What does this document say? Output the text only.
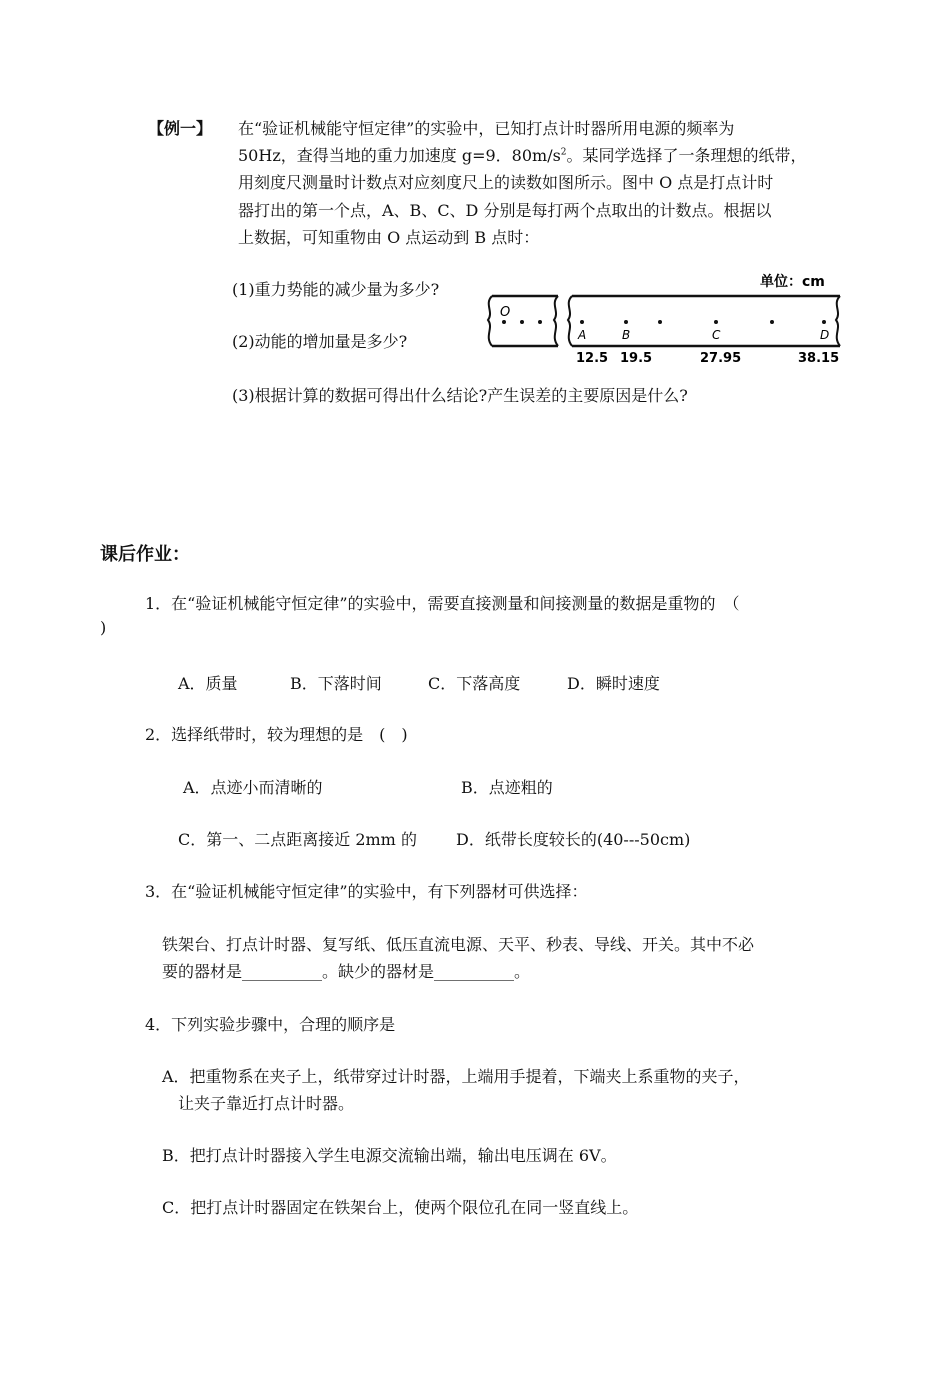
【例一】 在“验证机械能守恒定律”的实验中，已知打点计时器所用电源的频率为
50Hz，查得当地的重力加速度 g=9．$80m/s^2$。某同学选择了一条理想的纸带，
用刻度尺测量时计数点对应刻度尺上的读数如图所示。图中 O 点是打点计时
器打出的第一个点，A、B、C、D 分别是每打两个点取出的计数点。根据以
上数据，可知重物由 O 点运动到 B 点时：
(1)重力势能的减少量为多少?
(2)动能的增加量是多少?
(3)根据计算的数据可得出什么结论?产生误差的主要原因是什么?
单位：cm
O
A	B	C	D
12.5 19.5	27.95	38.15
课后作业：
1．在“验证机械能守恒定律”的实验中，需要直接测量和间接测量的数据是重物的　（
)
A．质量	B．下落时间	C．下落高度	D．瞬时速度
2．选择纸带时，较为理想的是　(　)
A．点迹小而清晰的	B．点迹粗的
C．第一、二点距离接近 2mm 的 D．纸带长度较长的(40---50cm)
3．在“验证机械能守恒定律”的实验中，有下列器材可供选择：
铁架台、打点计时器、复写纸、低压直流电源、天平、秒表、导线、开关。其中不必
要的器材是__________。缺少的器材是__________。
4．下列实验步骤中，合理的顺序是
A．把重物系在夹子上，纸带穿过计时器，上端用手提着，下端夹上系重物的夹子，
让夹子靠近打点计时器。
B．把打点计时器接入学生电源交流输出端，输出电压调在 6V。
C．把打点计时器固定在铁架台上，使两个限位孔在同一竖直线上。
